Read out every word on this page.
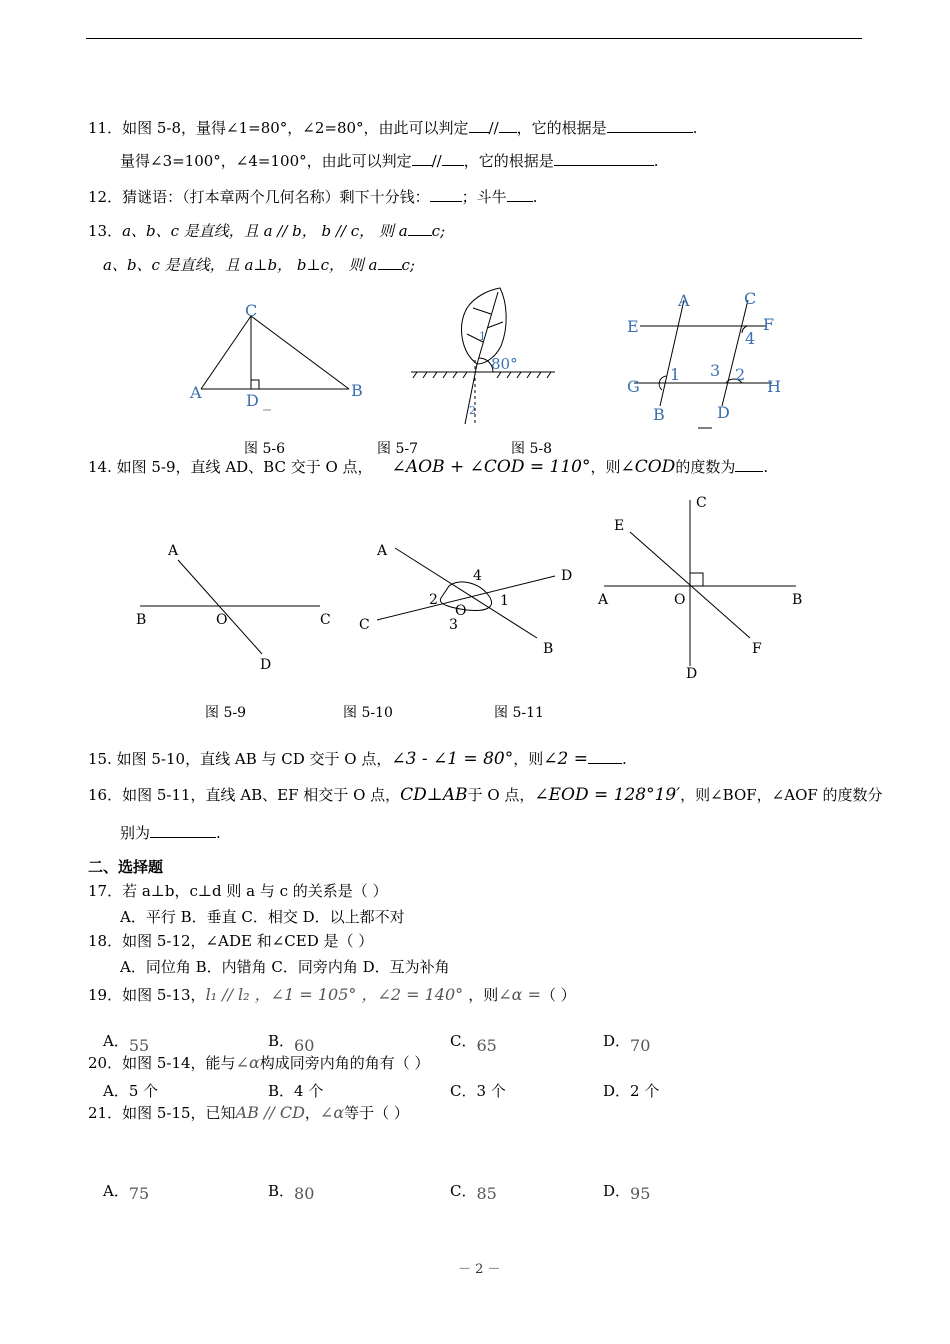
11．如图 5-8，量得∠1=80°，∠2=80°，由此可以判定 // ，它的根据是	.
量得∠3=100°，∠4=100°，由此可以判定 // ，它的根据是	.
12．猜谜语：（打本章两个几何名称）剩下十分钱： ；斗牛 .
13．a、b、c 是直线，且 a // b， b // c， 则 a c;
a、b、c 是直线，且 a⊥b， b⊥c， 则 a c;
C
A	D
B
图 5-6
80°
1
2
图 5-7
A	C
E	F
4
G
1 3 2
H
B	D
图 5-8
14. 如图 5-9，直线 AD、BC 交于 O 点， ∠AOB + ∠COD = 110°，则∠COD的度数为 .
A
B	O	C
D
图 5-9
A
D
4
2	1
O
C	3
B
图 5-10
C
E
A	O	B
F
D
图 5-11
15. 如图 5-10，直线 AB 与 CD 交于 O 点，∠3 - ∠1 = 80°，则∠2 = .
16．如图 5-11，直线 AB、EF 相交于 O 点，CD⊥AB于 O 点，∠EOD = 128°19′，则∠BOF，∠AOF 的度数分
别为	.
二、选择题
17．若 a⊥b，c⊥d 则 a 与 c 的关系是（ ）
A．平行 B．垂直 C．相交 D．以上都不对
18．如图 5-12，∠ADE 和∠CED 是（ ）
A．同位角 B．内错角 C．同旁内角 D．互为补角
19．如图 5-13，l₁ // l₂ ，∠1 = 105° ，∠2 = 140° ，则∠α =（ ）
A．55	B．60	C．65	D．70
20．如图 5-14，能与∠α构成同旁内角的角有（ ）
A．5 个	B．4 个	C．3 个	D．2 个
21．如图 5-15，已知AB // CD，∠α等于（ ）
A．75	B．80	C．85	D．95
－ 2 －
